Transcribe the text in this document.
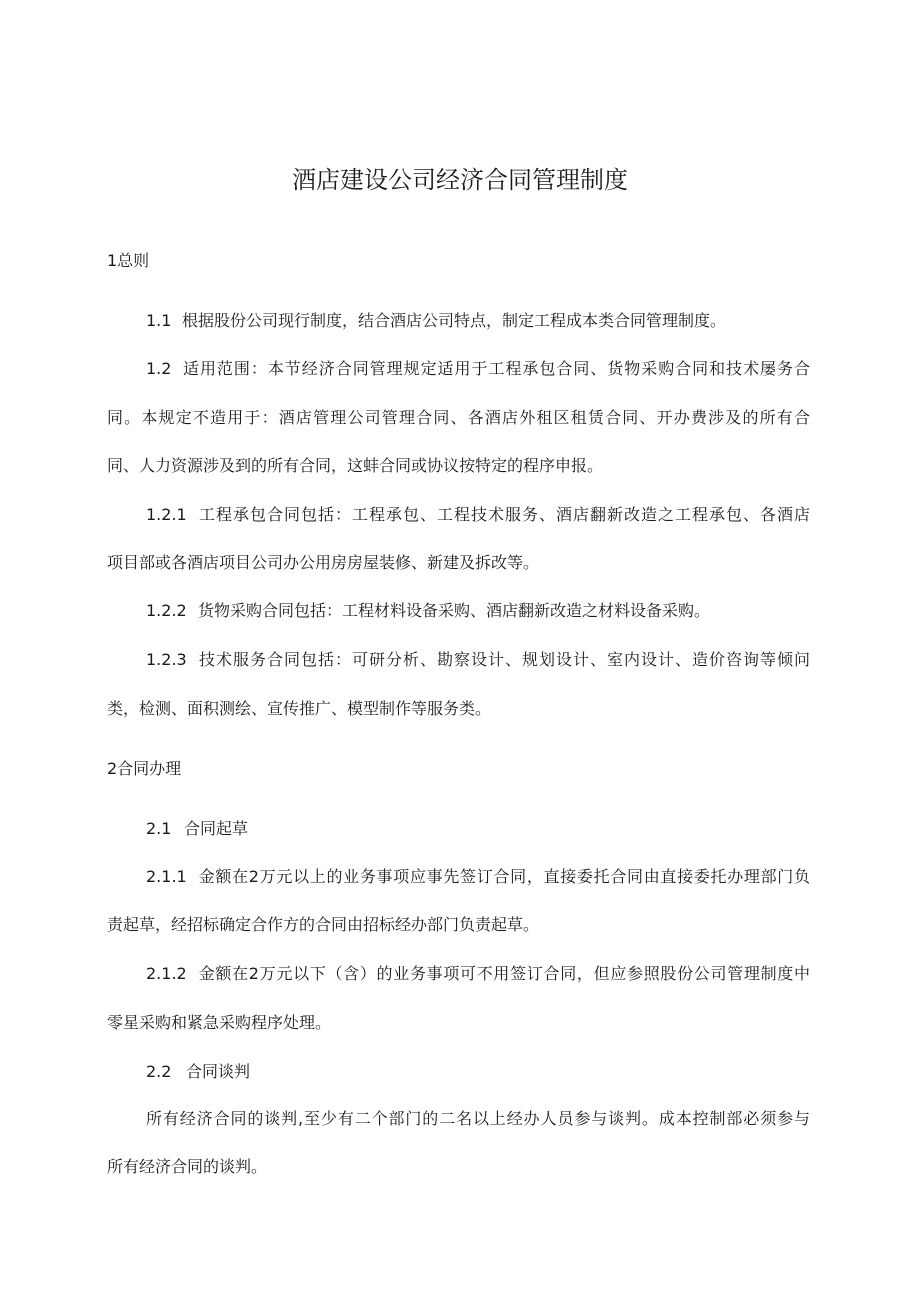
酒店建设公司经济合同管理制度
1总则
1.1 根据股份公司现行制度，结合酒店公司特点，制定工程成本类合同管理制度。
1.2 适用范围：本节经济合同管理规定适用于工程承包合同、货物采购合同和技术屡务合
同。本规定不造用于：酒店管理公司管理合同、各酒店外租区租赁合同、开办费涉及的所有合
同、人力资源涉及到的所有合同，这蚌合同或协议按特定的程序申报。
1.2.1 工程承包合同包括：工程承包、工程技术服务、酒店翻新改造之工程承包、各酒店
项目部或各酒店项目公司办公用房房屋装修、新建及拆改等。
1.2.2 货物采购合同包括：工程材料设备采购、酒店翻新改造之材料设备采购。
1.2.3 技术服务合同包括：可研分析、勘察设计、规划设计、室内设计、造价咨询等倾问
类，检测、面积测绘、宣传推广、模型制作等服务类。
2合同办理
2.1 合同起草
2.1.1 金额在2万元以上的业务事项应事先签订合同，直接委托合同由直接委托办理部门负
责起草，经招标确定合作方的合同由招标经办部门负责起草。
2.1.2 金额在2万元以下（含）的业务事项可不用签订合同，但应参照股份公司管理制度中
零星采购和紧急采购程序处理。
2.2 合同谈判
所有经济合同的谈判,至少有二个部门的二名以上经办人员参与谈判。成本控制部必须参与
所有经济合同的谈判。
